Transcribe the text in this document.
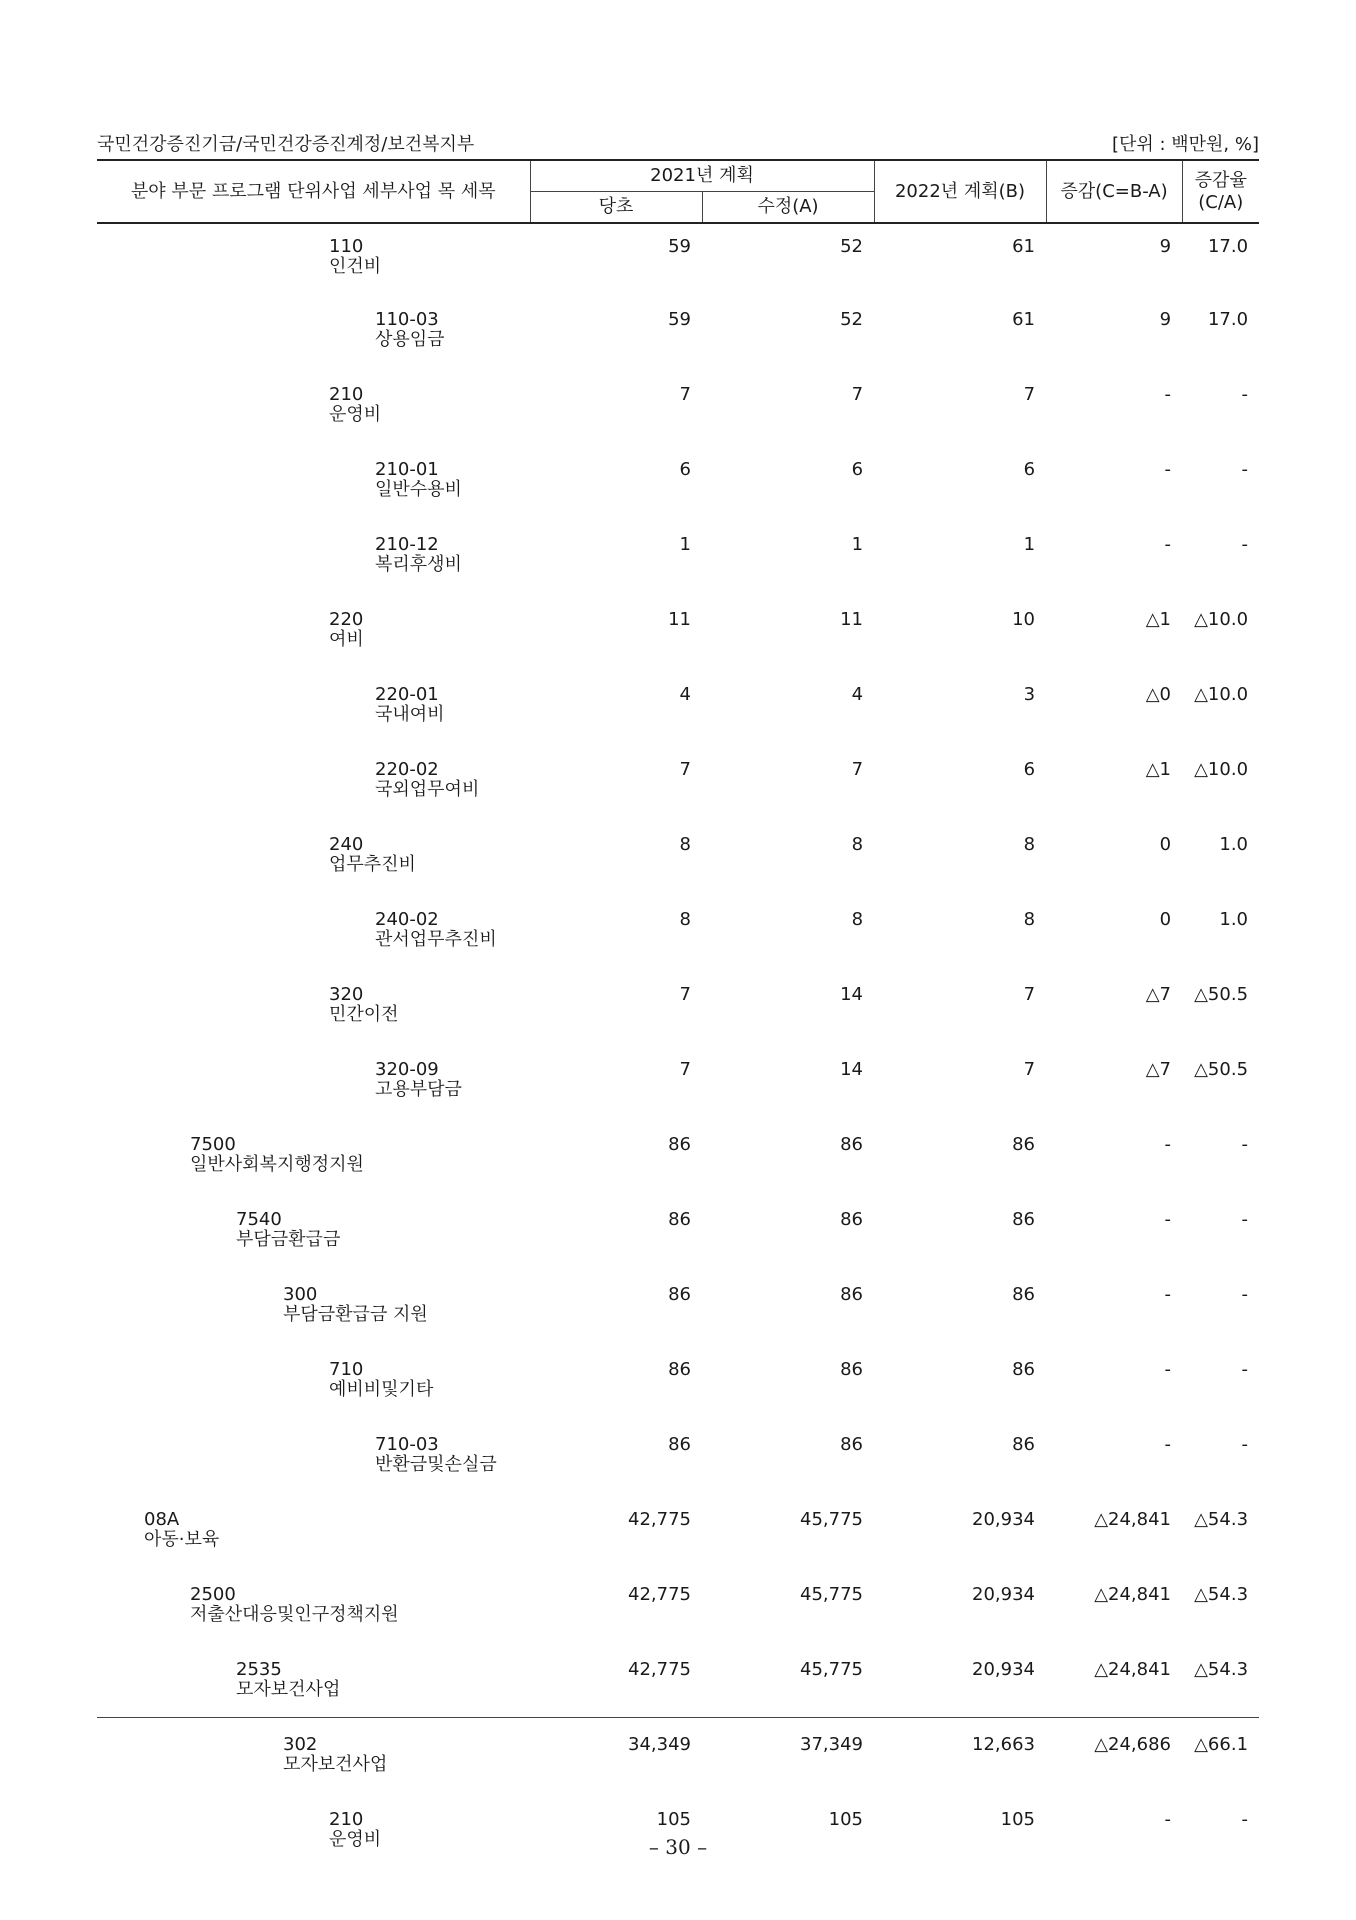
국민건강증진기금/국민건강증진계정/보건복지부	[단위 : 백만원, %]
분야 부문 프로그램 단위사업 세부사업 목 세목	2021년 계획		2022년 계획(B)	증감(C=B-A)	증감율
(C/A)
	당초	수정(A)			

110
인건비	59	52	61	9	17.0

110-03
상용임금	59	52	61	9	17.0

210
운영비	7	7	7	-	-

210-01
일반수용비	6	6	6	-	-

210-12
복리후생비	1	1	1	-	-

220
여비	11	11	10	△1	△10.0

220-01
국내여비	4	4	3	△0	△10.0

220-02
국외업무여비	7	7	6	△1	△10.0

240
업무추진비	8	8	8	0	1.0

240-02
관서업무추진비	8	8	8	0	1.0

320
민간이전	7	14	7	△7	△50.5

320-09
고용부담금	7	14	7	△7	△50.5

7500
일반사회복지행정지원	86	86	86	-	-

7540
부담금환급금	86	86	86	-	-

300
부담금환급금 지원	86	86	86	-	-

710
예비비및기타	86	86	86	-	-

710-03
반환금및손실금	86	86	86	-	-

08A
아동·보육	42,775	45,775	20,934	△24,841	△54.3

2500
저출산대응및인구정책지원	42,775	45,775	20,934	△24,841	△54.3

2535
모자보건사업	42,775	45,775	20,934	△24,841	△54.3

302
모자보건사업	34,349	37,349	12,663	△24,686	△66.1

210
운영비	105	105	105	-	-
– 30 –
